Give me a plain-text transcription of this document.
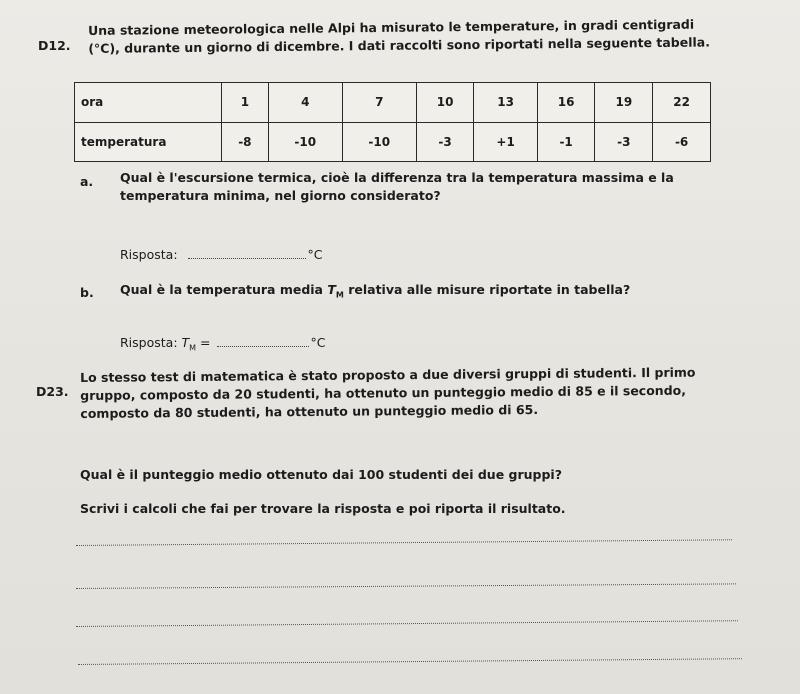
D12.
Una stazione meteorologica nelle Alpi ha misurato le temperature, in gradi centigradi
(°C), durante un giorno di dicembre. I dati raccolti sono riportati nella seguente tabella.
ora	1	4	7	10	13	16	19	22
temperatura	-8	-10	-10	-3	+1	-1	-3	-6
a. Qual è l'escursione termica, cioè la differenza tra la temperatura massima e la
temperatura minima, nel giorno considerato?
Risposta:	°C
b. Qual è la temperatura media $T_M$ relativa alle misure riportate in tabella?
Risposta: $T_M$ =	°C
D23.
Lo stesso test di matematica è stato proposto a due diversi gruppi di studenti. Il primo
gruppo, composto da 20 studenti, ha ottenuto un punteggio medio di 85 e il secondo,
composto da 80 studenti, ha ottenuto un punteggio medio di 65.
Qual è il punteggio medio ottenuto dai 100 studenti dei due gruppi?
Scrivi i calcoli che fai per trovare la risposta e poi riporta il risultato.
